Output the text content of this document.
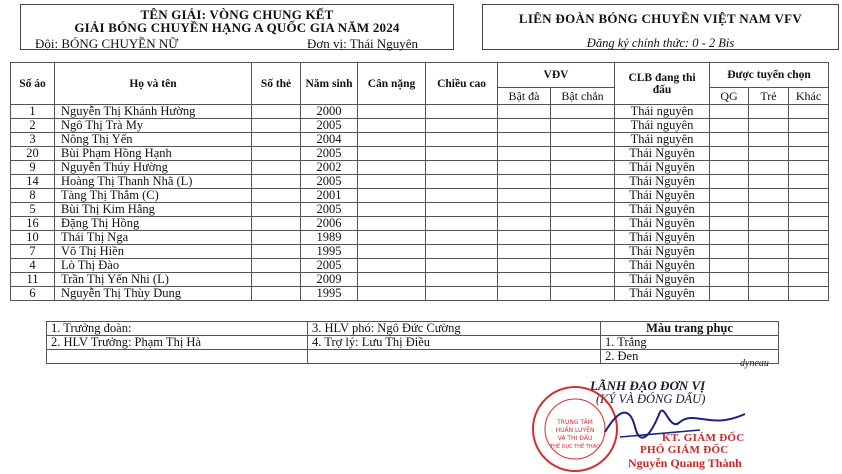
TÊN GIẢI: VÒNG CHUNG KẾT
GIẢI BÓNG CHUYỀN HẠNG A QUỐC GIA NĂM 2024
Đội: BÓNG CHUYỀN NỮ	Đơn vị: Thái Nguyên
LIÊN ĐOÀN BÓNG CHUYỀN VIỆT NAM VFV
Đăng ký chính thức: 0 - 2 Bis
Số áo	Họ và tên	Số thẻ	Năm sinh	Cân nặng	Chiều cao	VĐV		CLB đang thi đấu	Được tuyển chọn		
						Bật đà	Bật chắn		QG	Trẻ	Khác
1	Nguyễn Thị Khánh Hường		2000					Thái nguyên			
2	Ngô Thị Trà My		2005					Thái nguyên			
3	Nông Thị Yến		2004					Thái nguyên			
20	Bùi Phạm Hồng Hạnh		2005					Thái Nguyên			
9	Nguyễn Thúy Hường		2002					Thái Nguyên			
14	Hoàng Thị Thanh Nhã (L)		2005					Thái Nguyên			
8	Tàng Thị Thắm (C)		2001					Thái Nguyên			
5	Bùi Thị Kim Hằng		2005					Thái Nguyên			
16	Đặng Thị Hồng		2006					Thái Nguyên			
10	Thái Thị Nga		1989					Thái Nguyên			
7	Võ Thị Hiền		1995					Thái Nguyên			
4	Lò Thị Đào		2005					Thái Nguyên			
11	Trần Thị Yến Nhi (L)		2009					Thái Nguyên			
6	Nguyễn Thị Thùy Dung		1995					Thái Nguyên			
1. Trưởng đoàn:	3. HLV phó: Ngô Đức Cường	Màu trang phục
2. HLV Trưởng: Phạm Thị Hà	4. Trợ lý: Lưu Thị Điều	1. Trắng
		2. Đen
dyneau
LÃNH ĐẠO ĐƠN VỊ
(KÝ VÀ ĐÓNG DẤU)
TRUNG TÂM
HUẤN LUYỆN
VÀ THI ĐẤU
THỂ DỤC THỂ THAO
KT. GIÁM ĐỐC
PHÓ GIÁM ĐỐC
Nguyễn Quang Thành
